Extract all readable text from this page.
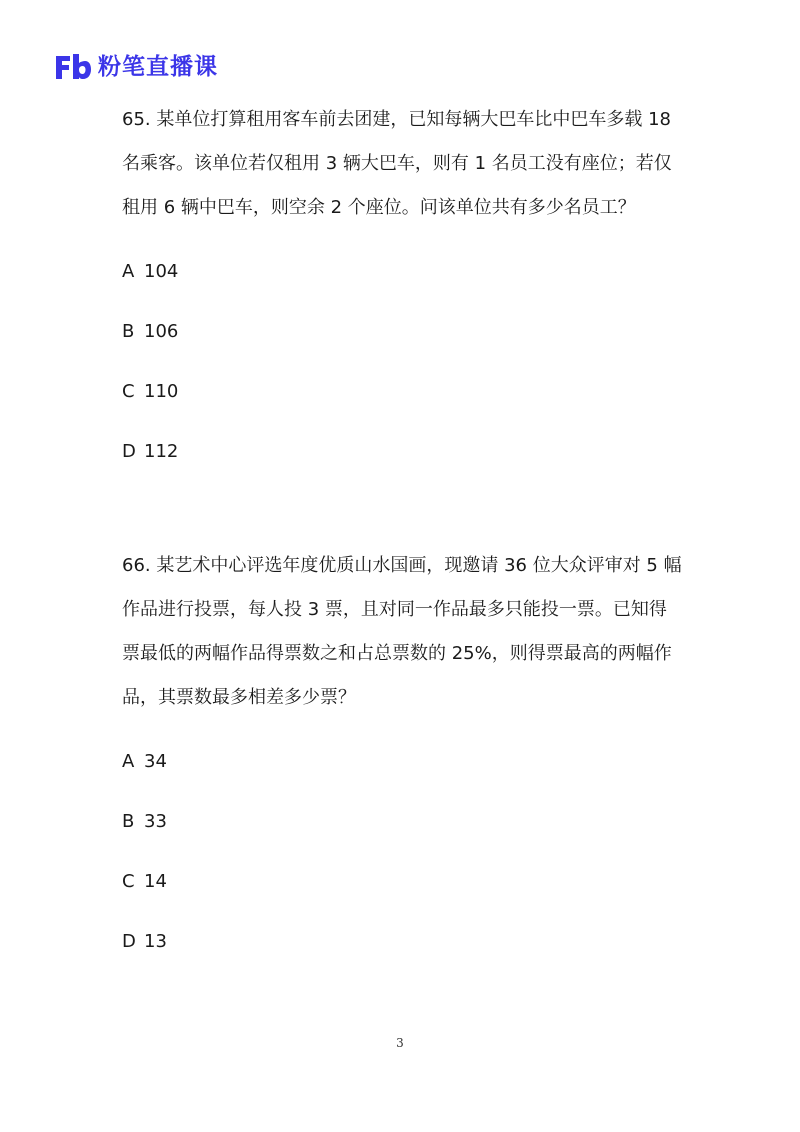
粉笔直播课

65. 某单位打算租用客车前去团建，已知每辆大巴车比中巴车多载 18 名乘客。该单位若仅租用 3 辆大巴车，则有 1 名员工没有座位；若仅租用 6 辆中巴车，则空余 2 个座位。问该单位共有多少名员工？

A 104
B 106
C 110
D 112

66. 某艺术中心评选年度优质山水国画，现邀请 36 位大众评审对 5 幅作品进行投票，每人投 3 票，且对同一作品最多只能投一票。已知得票最低的两幅作品得票数之和占总票数的 25%，则得票最高的两幅作品，其票数最多相差多少票？

A 34
B 33
C 14
D 13
3
